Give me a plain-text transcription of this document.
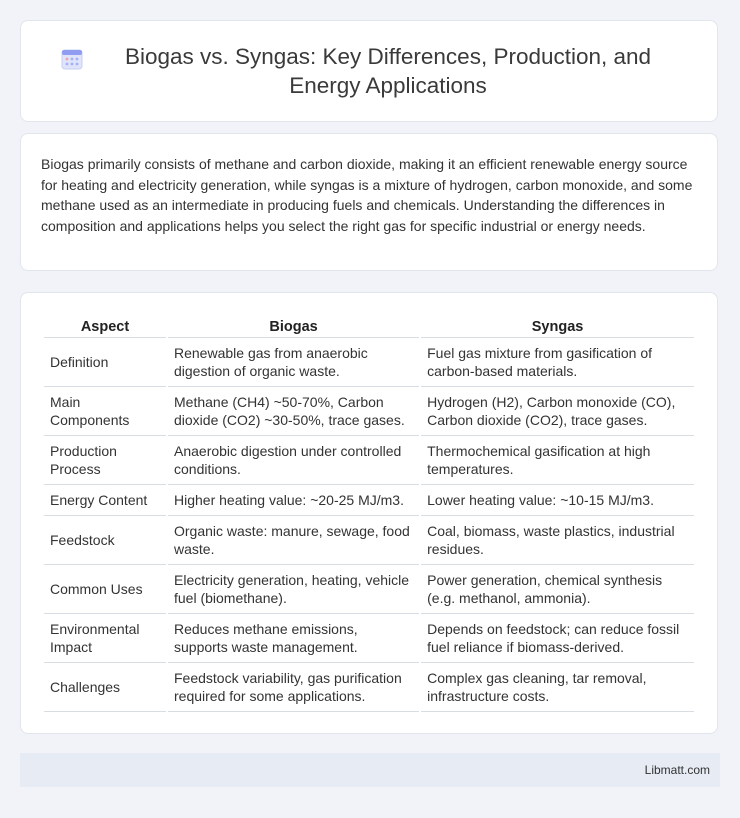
Biogas vs. Syngas: Key Differences, Production, and Energy Applications

Biogas primarily consists of methane and carbon dioxide, making it an efficient renewable energy source for heating and electricity generation, while syngas is a mixture of hydrogen, carbon monoxide, and some methane used as an intermediate in producing fuels and chemicals. Understanding the differences in composition and applications helps you select the right gas for specific industrial or energy needs.

Aspect	Biogas	Syngas
Definition	Renewable gas from anaerobic digestion of organic waste.	Fuel gas mixture from gasification of carbon-based materials.
Main Components	Methane (CH4) ~50-70%, Carbon dioxide (CO2) ~30-50%, trace gases.	Hydrogen (H2), Carbon monoxide (CO), Carbon dioxide (CO2), trace gases.
Production Process	Anaerobic digestion under controlled conditions.	Thermochemical gasification at high temperatures.
Energy Content	Higher heating value: ~20-25 MJ/m3.	Lower heating value: ~10-15 MJ/m3.
Feedstock	Organic waste: manure, sewage, food waste.	Coal, biomass, waste plastics, industrial residues.
Common Uses	Electricity generation, heating, vehicle fuel (biomethane).	Power generation, chemical synthesis (e.g. methanol, ammonia).
Environmental Impact	Reduces methane emissions, supports waste management.	Depends on feedstock; can reduce fossil fuel reliance if biomass-derived.
Challenges	Feedstock variability, gas purification required for some applications.	Complex gas cleaning, tar removal, infrastructure costs.
Libmatt.com
